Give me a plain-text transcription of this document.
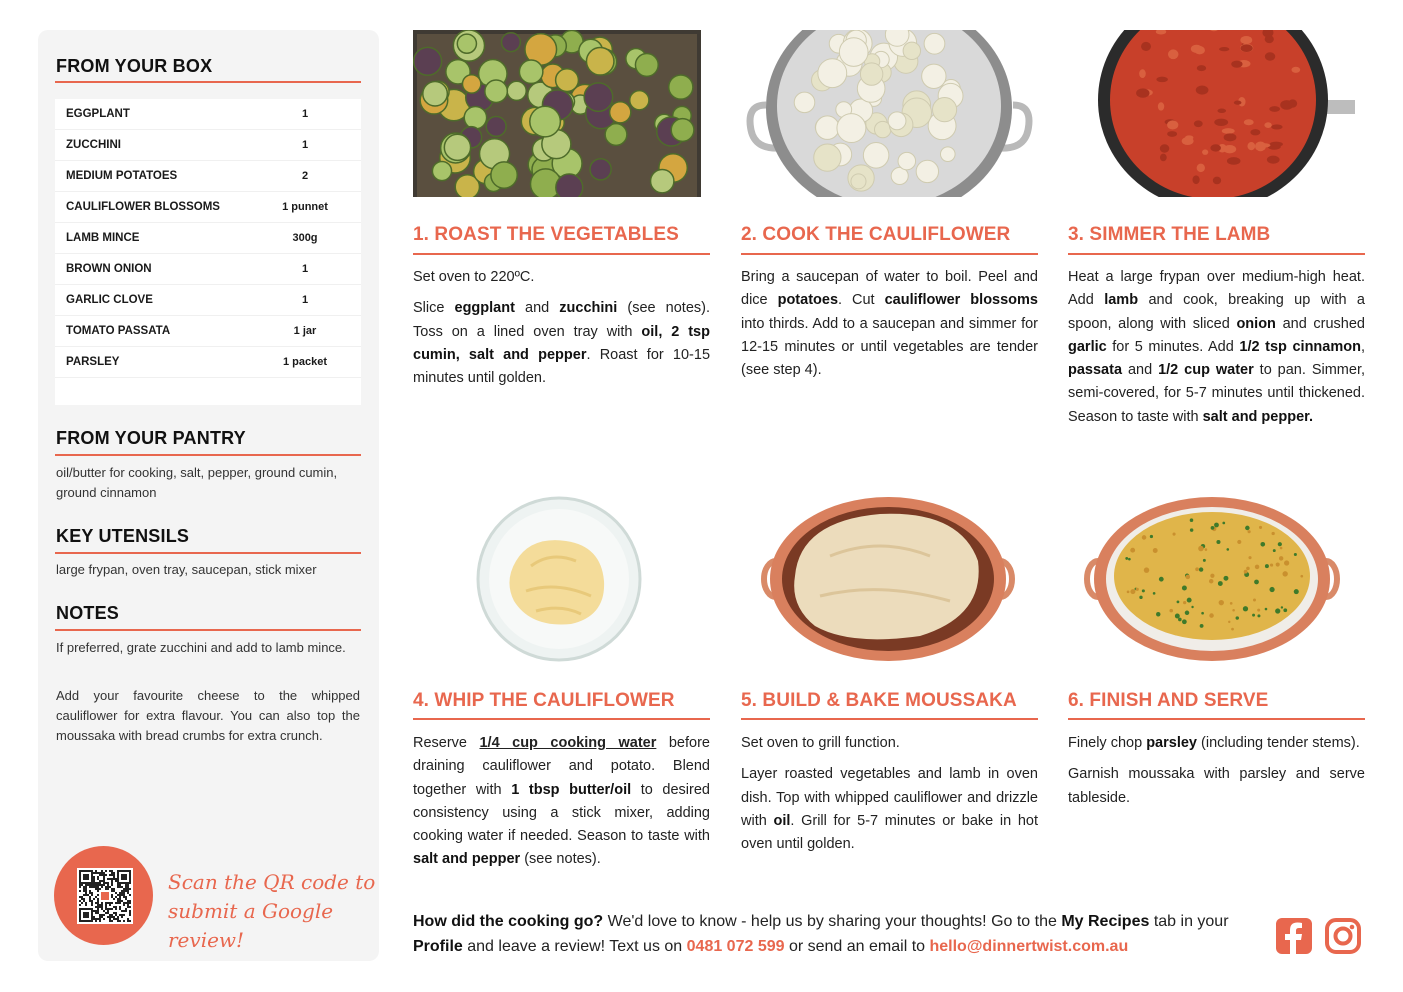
FROM YOUR BOX
EGGPLANT	1
ZUCCHINI	1
MEDIUM POTATOES	2
CAULIFLOWER BLOSSOMS	1 punnet
LAMB MINCE	300g
BROWN ONION	1
GARLIC CLOVE	1
TOMATO PASSATA	1 jar
PARSLEY	1 packet
FROM YOUR PANTRY
oil/butter for cooking, salt, pepper, ground cumin, ground cinnamon
KEY UTENSILS
large frypan, oven tray, saucepan, stick mixer
NOTES
If preferred, grate zucchini and add to lamb mince.
Add your favourite cheese to the whipped cauliflower for extra flavour. You can also top the moussaka with bread crumbs for extra crunch.
Scan the QR code to
submit a Google review!
1. ROAST THE VEGETABLES

Set oven to 220ºC.

Slice eggplant and zucchini (see notes). Toss on a lined oven tray with oil, 2 tsp cumin, salt and pepper. Roast for 10-15 minutes until golden.

2. COOK THE CAULIFLOWER

Bring a saucepan of water to boil. Peel and dice potatoes. Cut cauliflower blossoms into thirds. Add to a saucepan and simmer for 12-15 minutes or until vegetables are tender (see step 4).

3. SIMMER THE LAMB

Heat a large frypan over medium-high heat. Add lamb and cook, breaking up with a spoon, along with sliced onion and crushed garlic for 5 minutes. Add 1/2 tsp cinnamon, passata and 1/2 cup water to pan. Simmer, semi-covered, for 5-7 minutes until thickened. Season to taste with salt and pepper.

4. WHIP THE CAULIFLOWER

Reserve 1/4 cup cooking water before draining cauliflower and potato. Blend together with 1 tbsp butter/oil to desired consistency using a stick mixer, adding cooking water if needed. Season to taste with salt and pepper (see notes).

5. BUILD & BAKE MOUSSAKA

Set oven to grill function.

Layer roasted vegetables and lamb in oven dish. Top with whipped cauliflower and drizzle with oil. Grill for 5-7 minutes or bake in hot oven until golden.

6. FINISH AND SERVE

Finely chop parsley (including tender stems).

Garnish moussaka with parsley and serve tableside.

How did the cooking go? We'd love to know - help us by sharing your thoughts! Go to the My Recipes tab in your Profile and leave a review! Text us on 0481 072 599 or send an email to hello@dinnertwist.com.au
